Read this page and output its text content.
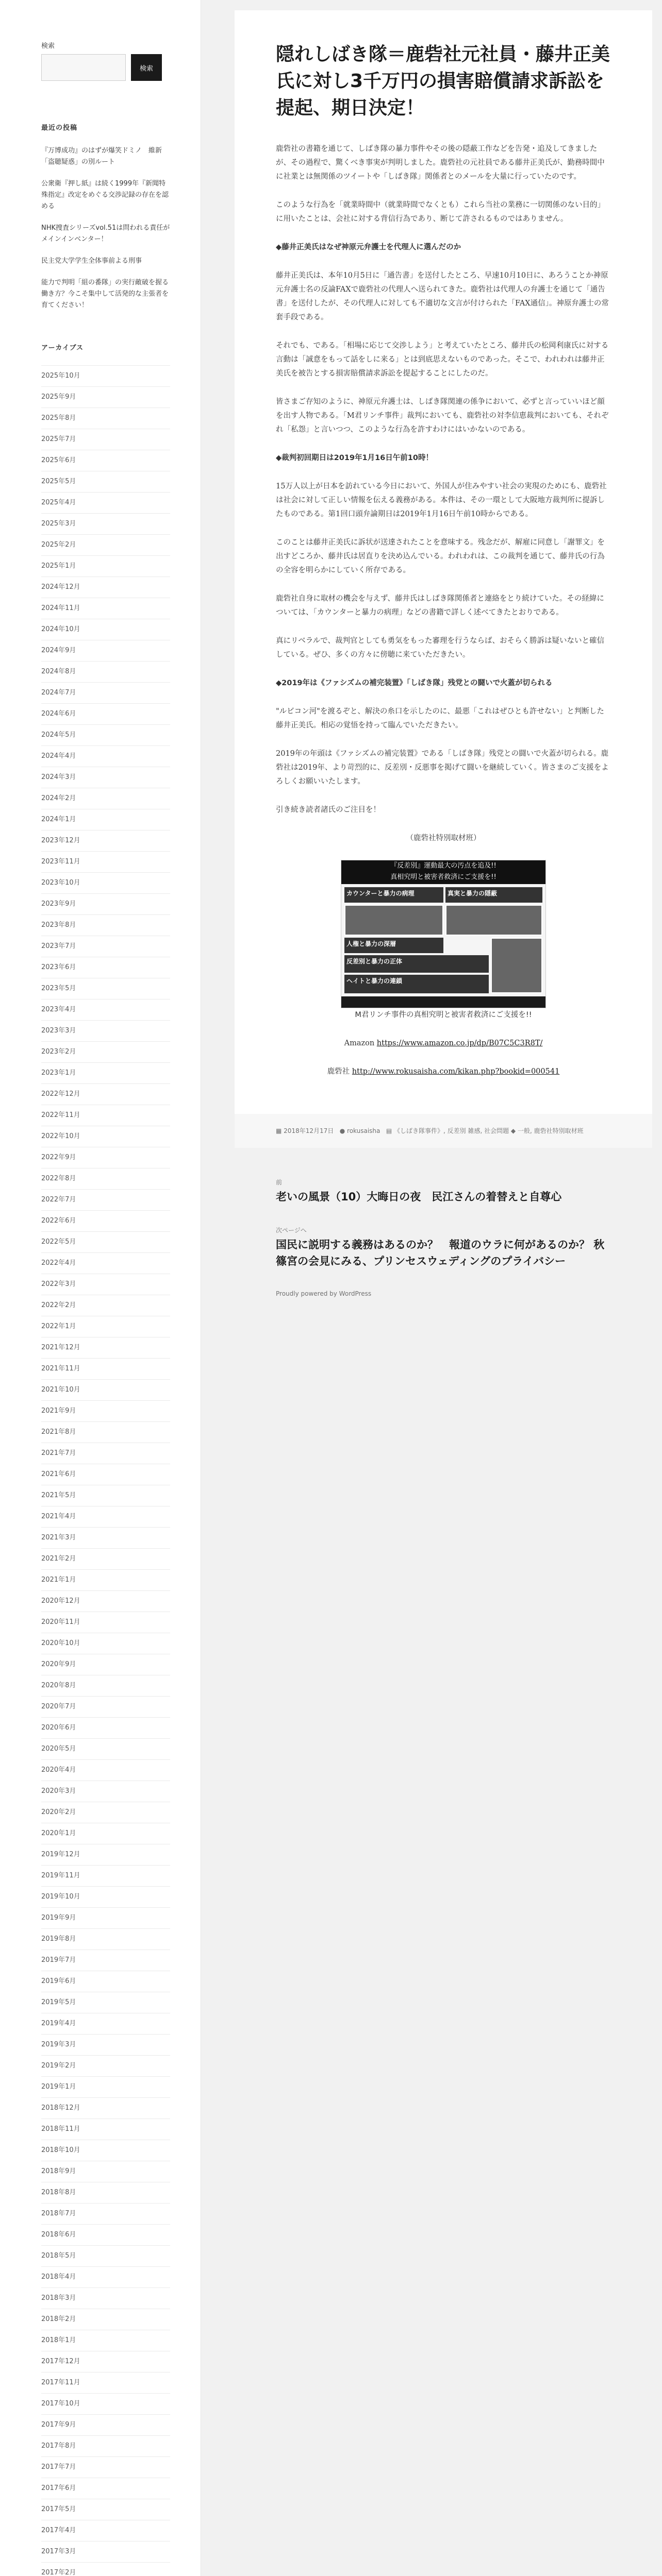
検索
検索
最近の投稿
『万博成功』のはずが爆笑ドミノ　維新「盗聴疑惑」の別ルート
公衆衛『押し紙』は続く1999年『新聞特殊指定』改定をめぐる交渉記録の存在を認める
NHK捜査シリーズvol.51は問われる責任がメインインベンター！
民主党大学学生全体事前よる刑事
能力で判明「組の番隊」の実行敵破を握る働き方？今こそ集中して活発的な主張者を育てください！
アーカイブス
2025年10月
2025年9月
2025年8月
2025年7月
2025年6月
2025年5月
2025年4月
2025年3月
2025年2月
2025年1月
2024年12月
2024年11月
2024年10月
2024年9月
2024年8月
2024年7月
2024年6月
2024年5月
2024年4月
2024年3月
2024年2月
2024年1月
2023年12月
2023年11月
2023年10月
2023年9月
2023年8月
2023年7月
2023年6月
2023年5月
2023年4月
2023年3月
2023年2月
2023年1月
2022年12月
2022年11月
2022年10月
2022年9月
2022年8月
2022年7月
2022年6月
2022年5月
2022年4月
2022年3月
2022年2月
2022年1月
2021年12月
2021年11月
2021年10月
2021年9月
2021年8月
2021年7月
2021年6月
2021年5月
2021年4月
2021年3月
2021年2月
2021年1月
2020年12月
2020年11月
2020年10月
2020年9月
2020年8月
2020年7月
2020年6月
2020年5月
2020年4月
2020年3月
2020年2月
2020年1月
2019年12月
2019年11月
2019年10月
2019年9月
2019年8月
2019年7月
2019年6月
2019年5月
2019年4月
2019年3月
2019年2月
2019年1月
2018年12月
2018年11月
2018年10月
2018年9月
2018年8月
2018年7月
2018年6月
2018年5月
2018年4月
2018年3月
2018年2月
2018年1月
2017年12月
2017年11月
2017年10月
2017年9月
2017年8月
2017年7月
2017年6月
2017年5月
2017年4月
2017年3月
2017年2月
隠れしばき隊＝鹿砦社元社員・藤井正美氏に対し3千万円の損害賠償請求訴訟を提起、期日決定！

鹿砦社の書籍を通じて、しばき隊の暴力事件やその後の隠蔽工作などを告発・追及してきましたが、その過程で、驚くべき事実が判明しました。鹿砦社の元社員である藤井正美氏が、勤務時間中に社業とは無関係のツイートや「しばき隊」関係者とのメールを大量に行っていたのです。

このような行為を「就業時間中（就業時間でなくとも）これら当社の業務に一切関係のない目的」に用いたことは、会社に対する背信行為であり、断じて許されるものではありません。

◆藤井正美氏はなぜ神原元弁護士を代理人に選んだのか

藤井正美氏は、本年10月5日に「通告書」を送付したところ、早速10月10日に、あろうことか神原元弁護士名の反論FAXで鹿砦社の代理人へ送られてきた。鹿砦社は代理人の弁護士を通じて「通告書」を送付したが、その代理人に対しても不適切な文言が付けられた「FAX通信」。神原弁護士の常套手段である。

それでも、である。「相場に応じて交渉しよう」と考えていたところ、藤井氏の松岡利康氏に対する言動は「誠意をもって話をしに来る」とは到底思えないものであった。そこで、われわれは藤井正美氏を被告とする損害賠償請求訴訟を提起することにしたのだ。

皆さまご存知のように、神原元弁護士は、しばき隊関連の係争において、必ずと言っていいほど顔を出す人物である。「M君リンチ事件」裁判においても、鹿砦社の対李信恵裁判においても、それぞれ「私怨」と言いつつ、このような行為を許すわけにはいかないのである。

◆裁判初回期日は2019年1月16日午前10時！

15万人以上が日本を訪れている今日において、外国人が住みやすい社会の実現のためにも、鹿砦社は社会に対して正しい情報を伝える義務がある。本件は、その一環として大阪地方裁判所に提訴したものである。第1回口頭弁論期日は2019年1月16日午前10時からである。

このことは藤井正美氏に訴状が送達されたことを意味する。残念だが、解雇に同意し「謝罪文」を出すどころか、藤井氏は居直りを決め込んでいる。われわれは、この裁判を通じて、藤井氏の行為の全容を明らかにしていく所存である。

鹿砦社自身に取材の機会を与えず、藤井氏はしばき隊関係者と連絡をとり続けていた。その経緯については、「カウンターと暴力の病理」などの書籍で詳しく述べてきたとおりである。

真にリベラルで、裁判官としても勇気をもった審理を行うならば、おそらく勝訴は疑いないと確信している。ぜひ、多くの方々に傍聴に来ていただきたい。

◆2019年は《ファシズムの補完装置》「しばき隊」残党との闘いで火蓋が切られる

"ルビコン河"を渡るぞと、解決の糸口を示したのに、最悪「これはぜひとも許せない」と判断した藤井正美氏。相応の覚悟を持って臨んでいただきたい。

2019年の年頭は《ファシズムの補完装置》である「しばき隊」残党との闘いで火蓋が切られる。鹿砦社は2019年、より苛烈的に、反差別・反悪事を掲げて闘いを継続していく。皆さまのご支援をよろしくお願いいたします。

引き続き読者諸氏のご注目を！

（鹿砦社特別取材班）

『反差別』運動最大の汚点を追及!!
真相究明と被害者救済にご支援を!!
カウンターと暴力の病理	真実と暴力の隠蔽
人権と暴力の深層
反差別と暴力の正体
ヘイトと暴力の連鎖

M君リンチ事件の真相究明と被害者救済にご支援を!!

Amazon https://www.amazon.co.jp/dp/B07C5C3R8T/

鹿砦社 http://www.rokusaisha.com/kikan.php?bookid=000541

▦ 2018年12月17日 ● rokusaisha ▤ 《しばき隊事件》, 反差別 雑感, 社会問題 ◆ 一般, 鹿砦社特別取材班
前
老いの風景（10）大晦日の夜　民江さんの着替えと自尊心
次ページへ
国民に説明する義務はあるのか？　報道のウラに何があるのか？ 秋篠宮の会見にみる、プリンセスウェディングのプライバシー
Proudly powered by WordPress
